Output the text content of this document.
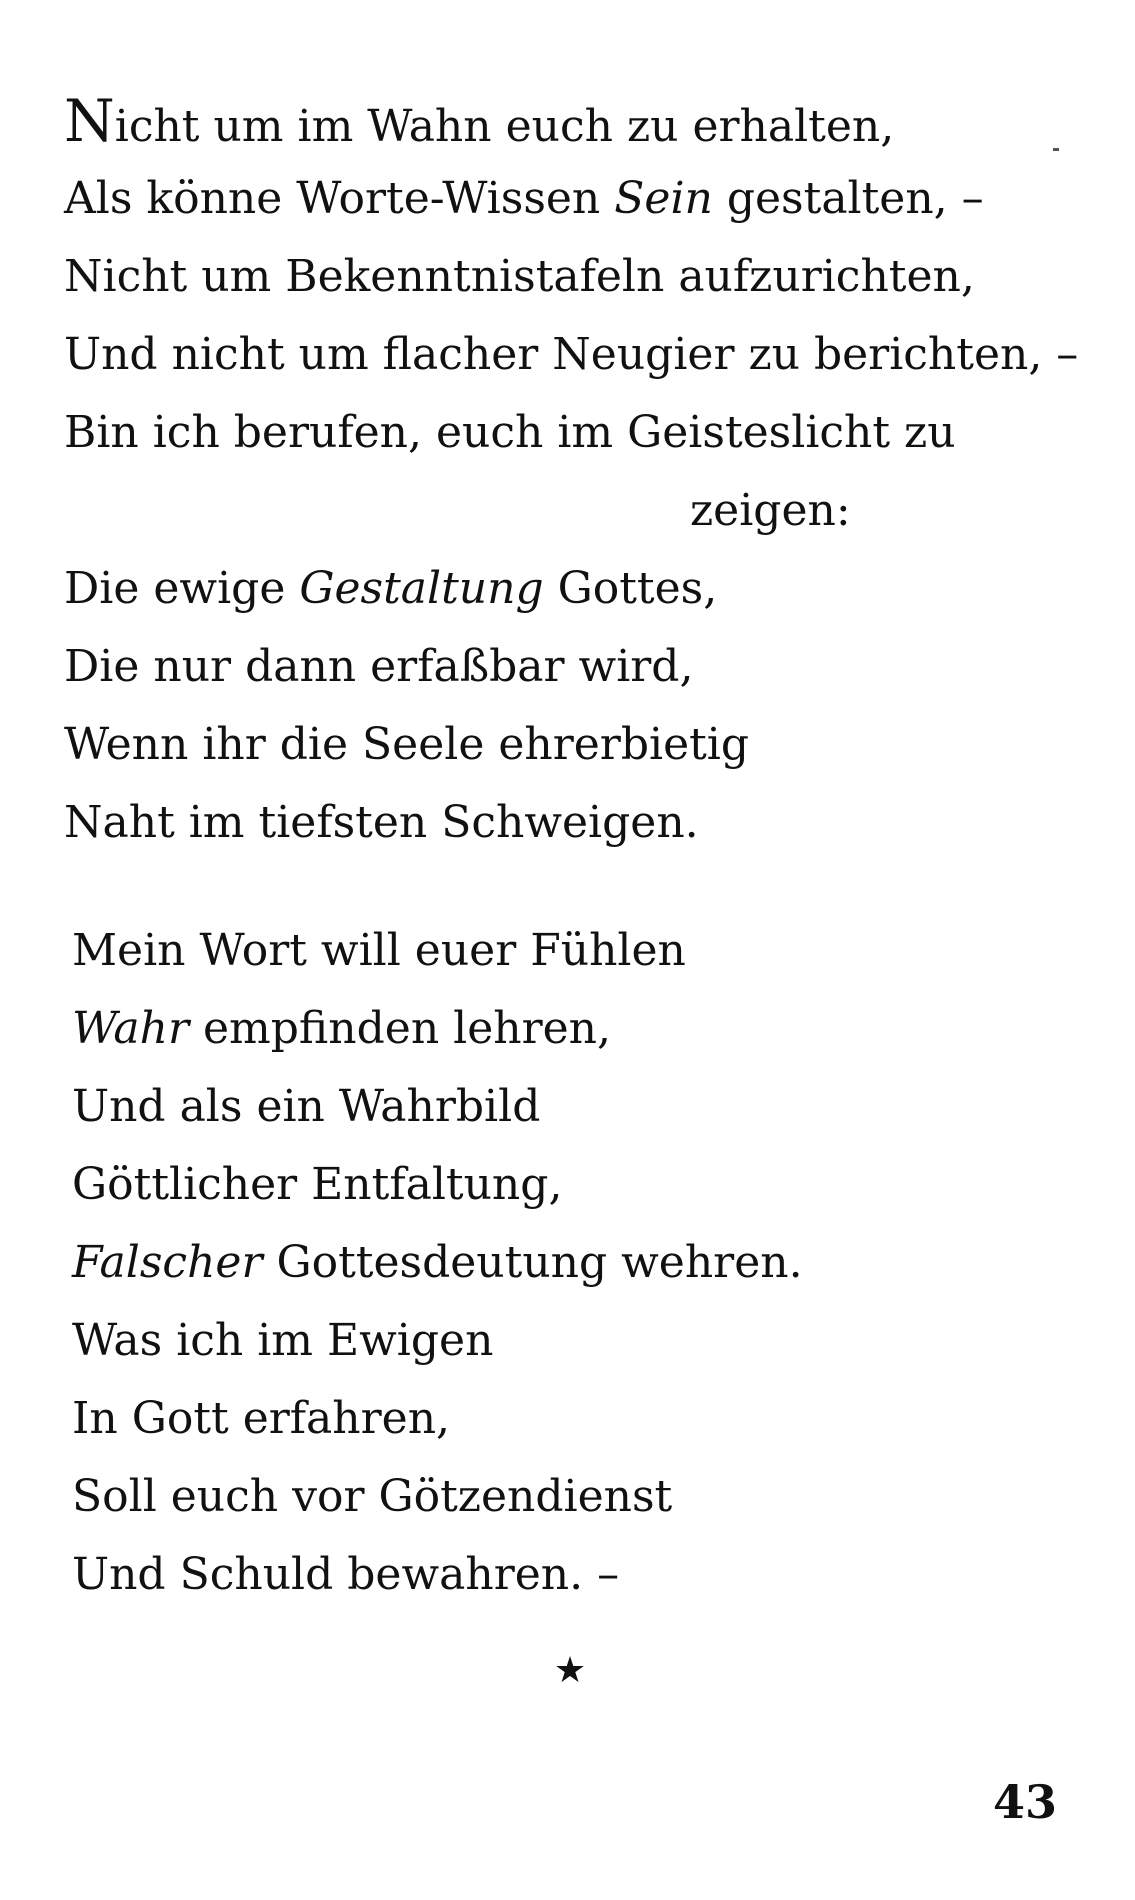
Nicht um im Wahn euch zu erhalten,
Als könne Worte-Wissen Sein gestalten, –
Nicht um Bekenntnistafeln aufzurichten,
Und nicht um flacher Neugier zu berichten, –
Bin ich berufen, euch im Geisteslicht zu
zeigen:
Die ewige Gestaltung Gottes,
Die nur dann erfaßbar wird,
Wenn ihr die Seele ehrerbietig
Naht im tiefsten Schweigen.
Mein Wort will euer Fühlen
Wahr empfinden lehren,
Und als ein Wahrbild
Göttlicher Entfaltung,
Falscher Gottesdeutung wehren.
Was ich im Ewigen
In Gott erfahren,
Soll euch vor Götzendienst
Und Schuld bewahren. –
★
43
